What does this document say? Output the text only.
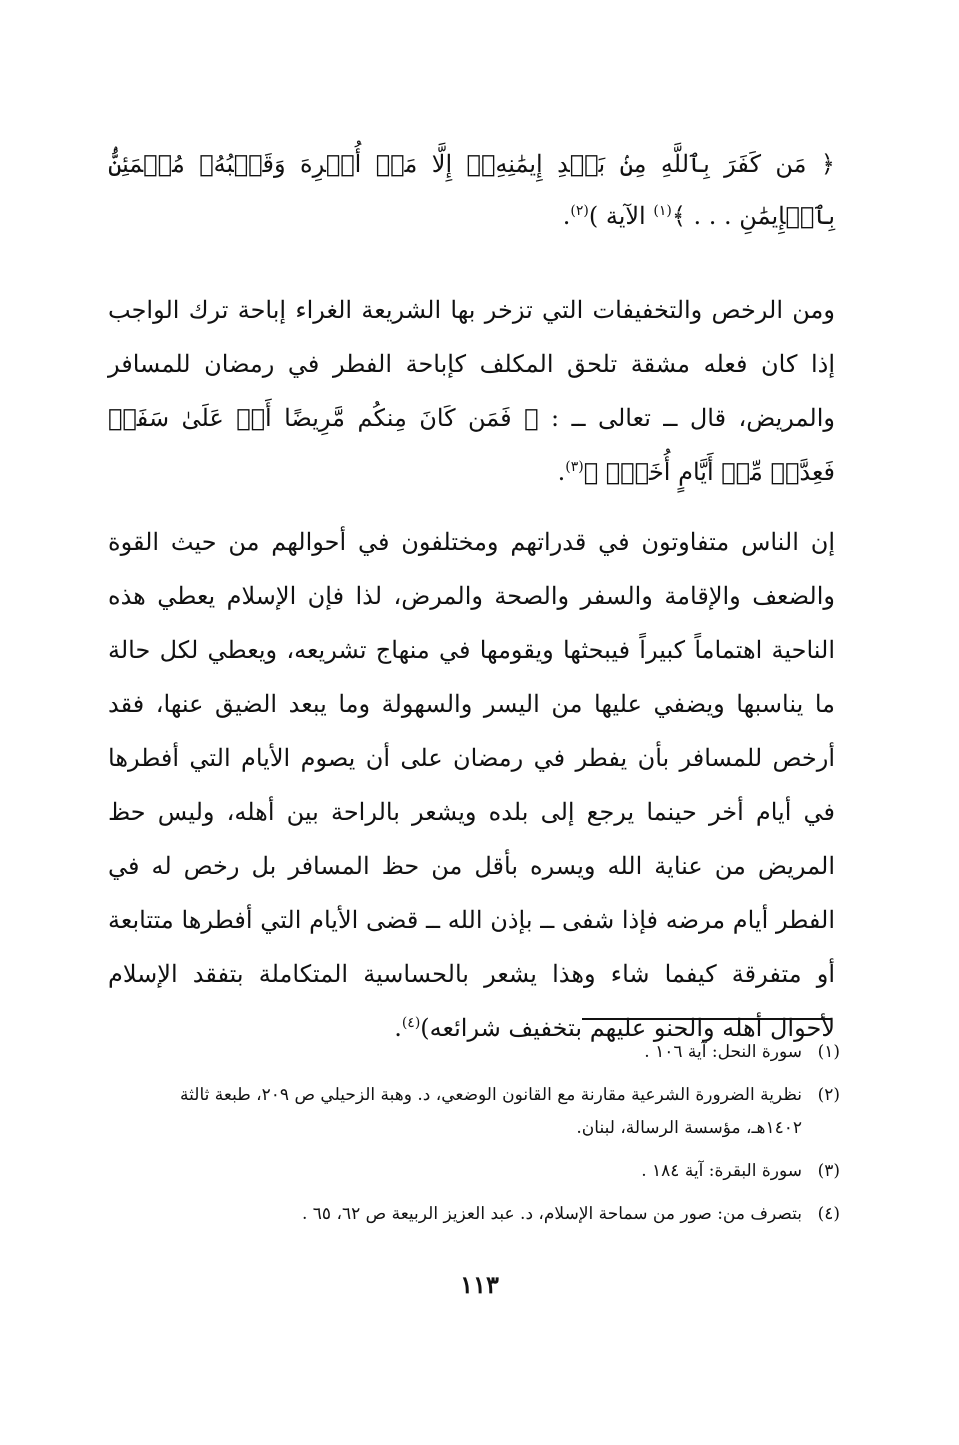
﴿ مَن كَفَرَ بِٱللَّهِ مِنۢ بَعۡدِ إِيمَٰنِهِۦٓ إِلَّا مَنۡ أُكۡرِهَ وَقَلۡبُهُۥ مُطۡمَئِنُّۢ بِٱلۡإِيمَٰنِ . . . ﴾$^{(١)}$ الآية )$^{(٢)}$.
ومن الرخص والتخفيفات التي تزخر بها الشريعة الغراء إباحة ترك الواجب إذا كان فعله مشقة تلحق المكلف كإباحة الفطر في رمضان للمسافر والمريض، قال ــ تعالى ــ : ﴿ فَمَن كَانَ مِنكُم مَّرِيضًا أَوۡ عَلَىٰ سَفَرٖ فَعِدَّةٞ مِّنۡ أَيَّامٍ أُخَرَۚ ﴾$^{(٣)}$.
إن الناس متفاوتون في قدراتهم ومختلفون في أحوالهم من حيث القوة والضعف والإقامة والسفر والصحة والمرض، لذا فإن الإسلام يعطي هذه الناحية اهتماماً كبيراً فيبحثها ويقومها في منهاج تشريعه، ويعطي لكل حالة ما يناسبها ويضفي عليها من اليسر والسهولة وما يبعد الضيق عنها، فقد أرخص للمسافر بأن يفطر في رمضان على أن يصوم الأيام التي أفطرها في أيام أخر حينما يرجع إلى بلده ويشعر بالراحة بين أهله، وليس حظ المريض من عناية الله ويسره بأقل من حظ المسافر بل رخص له في الفطر أيام مرضه فإذا شفى ــ بإذن الله ــ قضى الأيام التي أفطرها متتابعة أو متفرقة كيفما شاء وهذا يشعر بالحساسية المتكاملة بتفقد الإسلام لأحوال أهله والحنو عليهم بتخفيف شرائعه)$^{(٤)}$.
(١)
سورة النحل: آية ١٠٦ .
(٢)
نظرية الضرورة الشرعية مقارنة مع القانون الوضعي، د. وهبة الزحيلي ص ٢٠٩، طبعة ثالثة ١٤٠٢هـ، مؤسسة الرسالة، لبنان.
(٣)
سورة البقرة: آية ١٨٤ .
(٤)
بتصرف من: صور من سماحة الإسلام، د. عبد العزيز الربيعة ص ٦٢، ٦٥ .
١١٣
